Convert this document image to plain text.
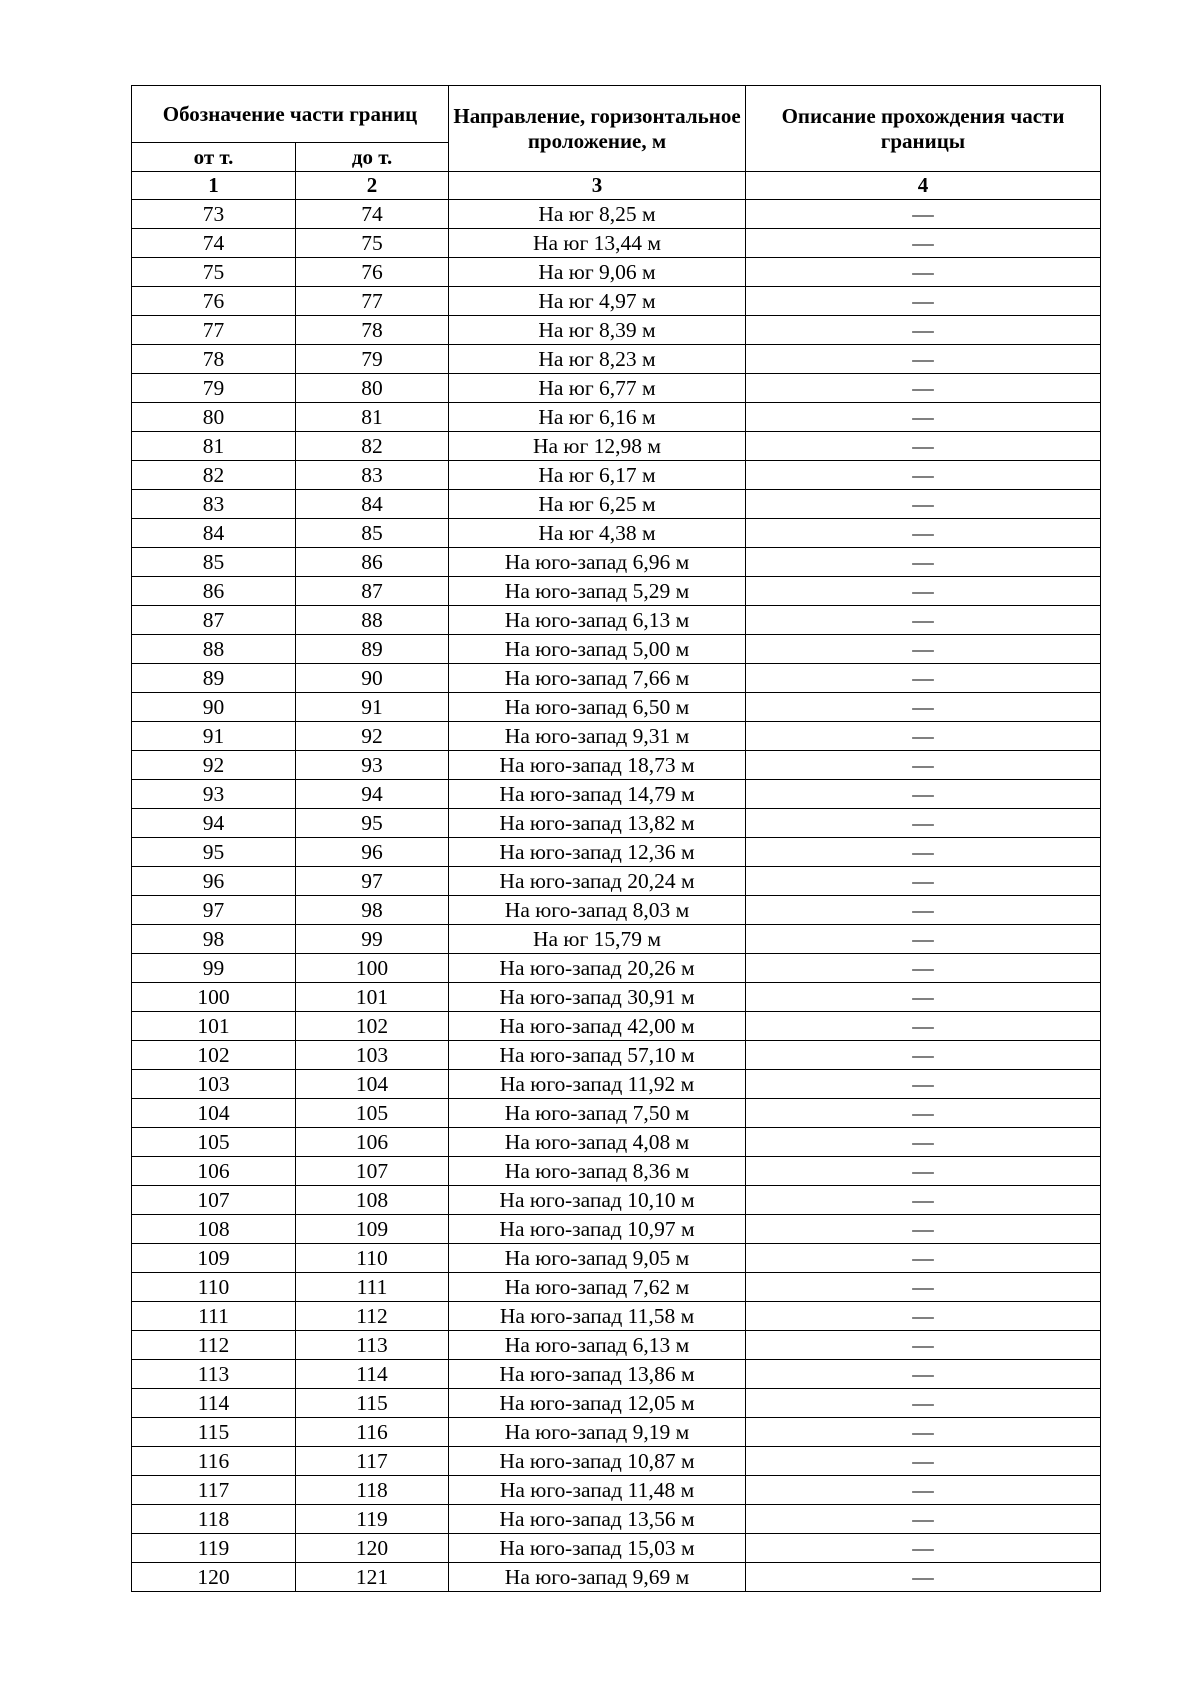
Обозначение части границ		Направление, горизонтальное проложение, м	Описание прохождения части границы
от т.	до т.		
1	2	3	4
73	74	На юг 8,25 м	—
74	75	На юг 13,44 м	—
75	76	На юг 9,06 м	—
76	77	На юг 4,97 м	—
77	78	На юг 8,39 м	—
78	79	На юг 8,23 м	—
79	80	На юг 6,77 м	—
80	81	На юг 6,16 м	—
81	82	На юг 12,98 м	—
82	83	На юг 6,17 м	—
83	84	На юг 6,25 м	—
84	85	На юг 4,38 м	—
85	86	На юго-запад 6,96 м	—
86	87	На юго-запад 5,29 м	—
87	88	На юго-запад 6,13 м	—
88	89	На юго-запад 5,00 м	—
89	90	На юго-запад 7,66 м	—
90	91	На юго-запад 6,50 м	—
91	92	На юго-запад 9,31 м	—
92	93	На юго-запад 18,73 м	—
93	94	На юго-запад 14,79 м	—
94	95	На юго-запад 13,82 м	—
95	96	На юго-запад 12,36 м	—
96	97	На юго-запад 20,24 м	—
97	98	На юго-запад 8,03 м	—
98	99	На юг 15,79 м	—
99	100	На юго-запад 20,26 м	—
100	101	На юго-запад 30,91 м	—
101	102	На юго-запад 42,00 м	—
102	103	На юго-запад 57,10 м	—
103	104	На юго-запад 11,92 м	—
104	105	На юго-запад 7,50 м	—
105	106	На юго-запад 4,08 м	—
106	107	На юго-запад 8,36 м	—
107	108	На юго-запад 10,10 м	—
108	109	На юго-запад 10,97 м	—
109	110	На юго-запад 9,05 м	—
110	111	На юго-запад 7,62 м	—
111	112	На юго-запад 11,58 м	—
112	113	На юго-запад 6,13 м	—
113	114	На юго-запад 13,86 м	—
114	115	На юго-запад 12,05 м	—
115	116	На юго-запад 9,19 м	—
116	117	На юго-запад 10,87 м	—
117	118	На юго-запад 11,48 м	—
118	119	На юго-запад 13,56 м	—
119	120	На юго-запад 15,03 м	—
120	121	На юго-запад 9,69 м	—
